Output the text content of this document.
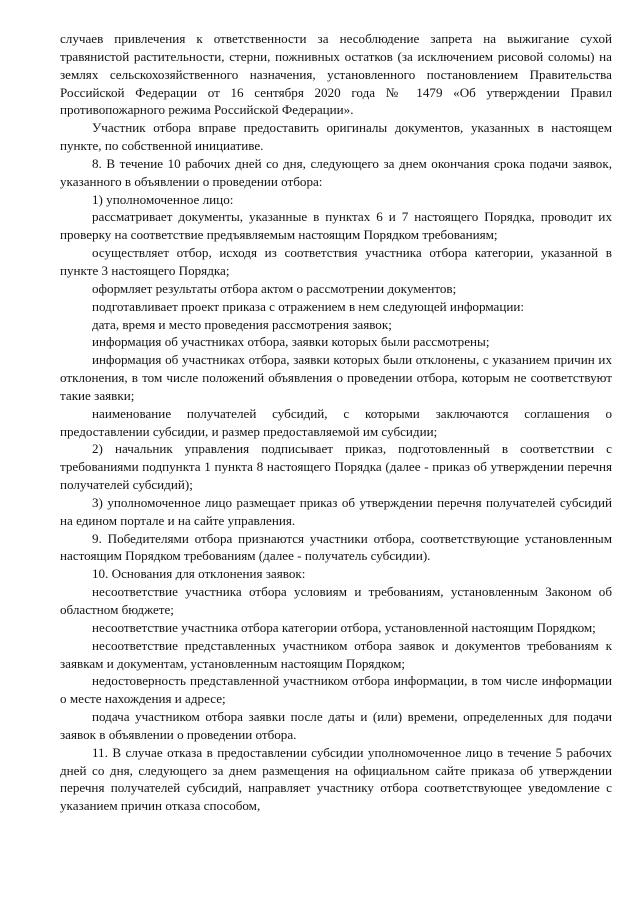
случаев привлечения к ответственности за несоблюдение запрета на выжигание сухой травянистой растительности, стерни, пожнивных остатков (за исключением рисовой соломы) на землях сельскохозяйственного назначения, установленного постановлением Правительства Российской Федерации от 16 сентября 2020 года № 1479 «Об утверждении Правил противопожарного режима Российской Федерации».

Участник отбора вправе предоставить оригиналы документов, указанных в настоящем пункте, по собственной инициативе.

8. В течение 10 рабочих дней со дня, следующего за днем окончания срока подачи заявок, указанного в объявлении о проведении отбора:

1) уполномоченное лицо:

рассматривает документы, указанные в пунктах 6 и 7 настоящего Порядка, проводит их проверку на соответствие предъявляемым настоящим Порядком требованиям;

осуществляет отбор, исходя из соответствия участника отбора категории, указанной в пункте 3 настоящего Порядка;

оформляет результаты отбора актом о рассмотрении документов;

подготавливает проект приказа с отражением в нем следующей информации:

дата, время и место проведения рассмотрения заявок;

информация об участниках отбора, заявки которых были рассмотрены;

информация об участниках отбора, заявки которых были отклонены, с указанием причин их отклонения, в том числе положений объявления о проведении отбора, которым не соответствуют такие заявки;

наименование получателей субсидий, с которыми заключаются соглашения о предоставлении субсидии, и размер предоставляемой им субсидии;

2) начальник управления подписывает приказ, подготовленный в соответствии с требованиями подпункта 1 пункта 8 настоящего Порядка (далее - приказ об утверждении перечня получателей субсидий);

3) уполномоченное лицо размещает приказ об утверждении перечня получателей субсидий на едином портале и на сайте управления.

9. Победителями отбора признаются участники отбора, соответствующие установленным настоящим Порядком требованиям (далее - получатель субсидии).

10. Основания для отклонения заявок:

несоответствие участника отбора условиям и требованиям, установленным Законом об областном бюджете;

несоответствие участника отбора категории отбора, установленной настоящим Порядком;

несоответствие представленных участником отбора заявок и документов требованиям к заявкам и документам, установленным настоящим Порядком;

недостоверность представленной участником отбора информации, в том числе информации о месте нахождения и адресе;

подача участником отбора заявки после даты и (или) времени, определенных для подачи заявок в объявлении о проведении отбора.

11. В случае отказа в предоставлении субсидии уполномоченное лицо в течение 5 рабочих дней со дня, следующего за днем размещения на официальном сайте приказа об утверждении перечня получателей субсидий, направляет участнику отбора соответствующее уведомление с указанием причин отказа способом,
